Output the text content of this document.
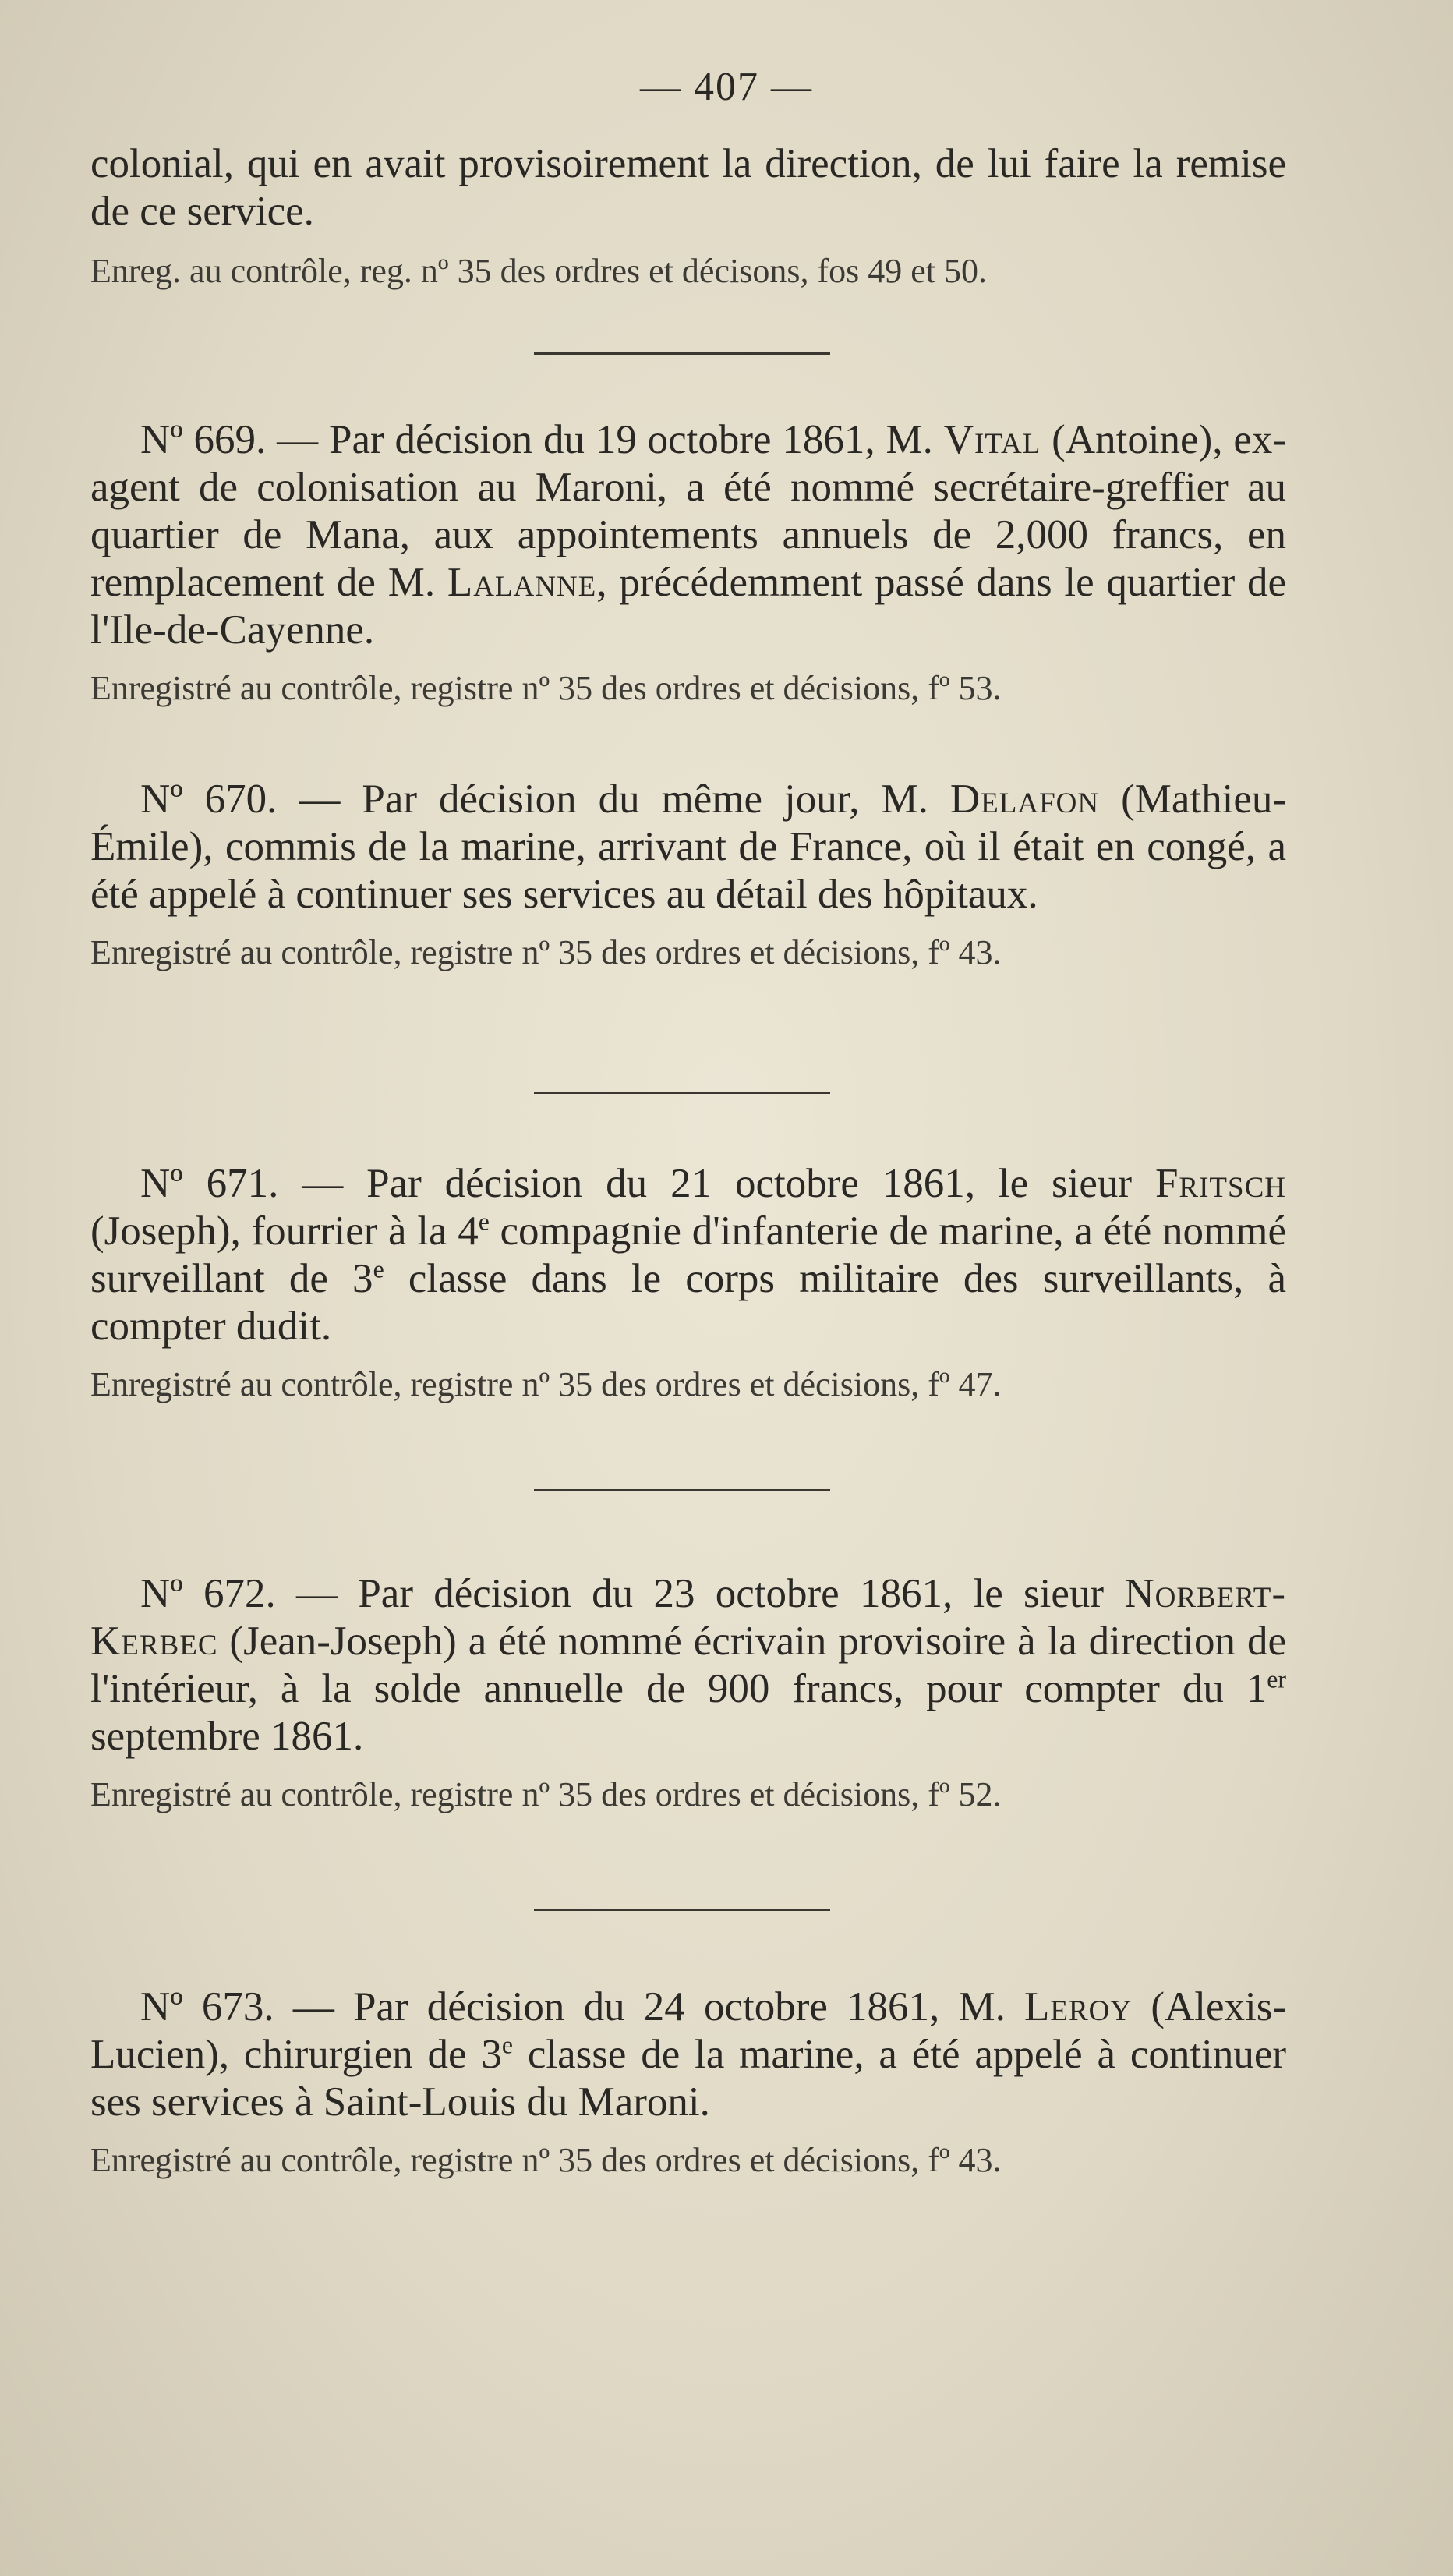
— 407 —

colonial, qui en avait provisoirement la direction, de lui faire la remise de ce service.

Enreg. au contrôle, reg. nº 35 des ordres et décisons, fos 49 et 50.

Nº 669. — Par décision du 19 octobre 1861, M. Vital (Antoine), ex-agent de colonisation au Maroni, a été nommé secrétaire-greffier au quartier de Mana, aux appointements annuels de 2,000 francs, en remplacement de M. Lalanne, précédemment passé dans le quartier de l'Ile-de-Cayenne.

Enregistré au contrôle, registre nº 35 des ordres et décisions, fº 53.

Nº 670. — Par décision du même jour, M. Delafon (Mathieu-Émile), commis de la marine, arrivant de France, où il était en congé, a été appelé à continuer ses services au détail des hôpitaux.

Enregistré au contrôle, registre nº 35 des ordres et décisions, fº 43.

Nº 671. — Par décision du 21 octobre 1861, le sieur Fritsch (Joseph), fourrier à la 4e compagnie d'infanterie de marine, a été nommé surveillant de 3e classe dans le corps militaire des surveillants, à compter dudit.

Enregistré au contrôle, registre nº 35 des ordres et décisions, fº 47.

Nº 672. — Par décision du 23 octobre 1861, le sieur Norbert-Kerbec (Jean-Joseph) a été nommé écrivain provisoire à la direction de l'intérieur, à la solde annuelle de 900 francs, pour compter du 1er septembre 1861.

Enregistré au contrôle, registre nº 35 des ordres et décisions, fº 52.

Nº 673. — Par décision du 24 octobre 1861, M. Leroy (Alexis-Lucien), chirurgien de 3e classe de la marine, a été appelé à continuer ses services à Saint-Louis du Maroni.

Enregistré au contrôle, registre nº 35 des ordres et décisions, fº 43.
